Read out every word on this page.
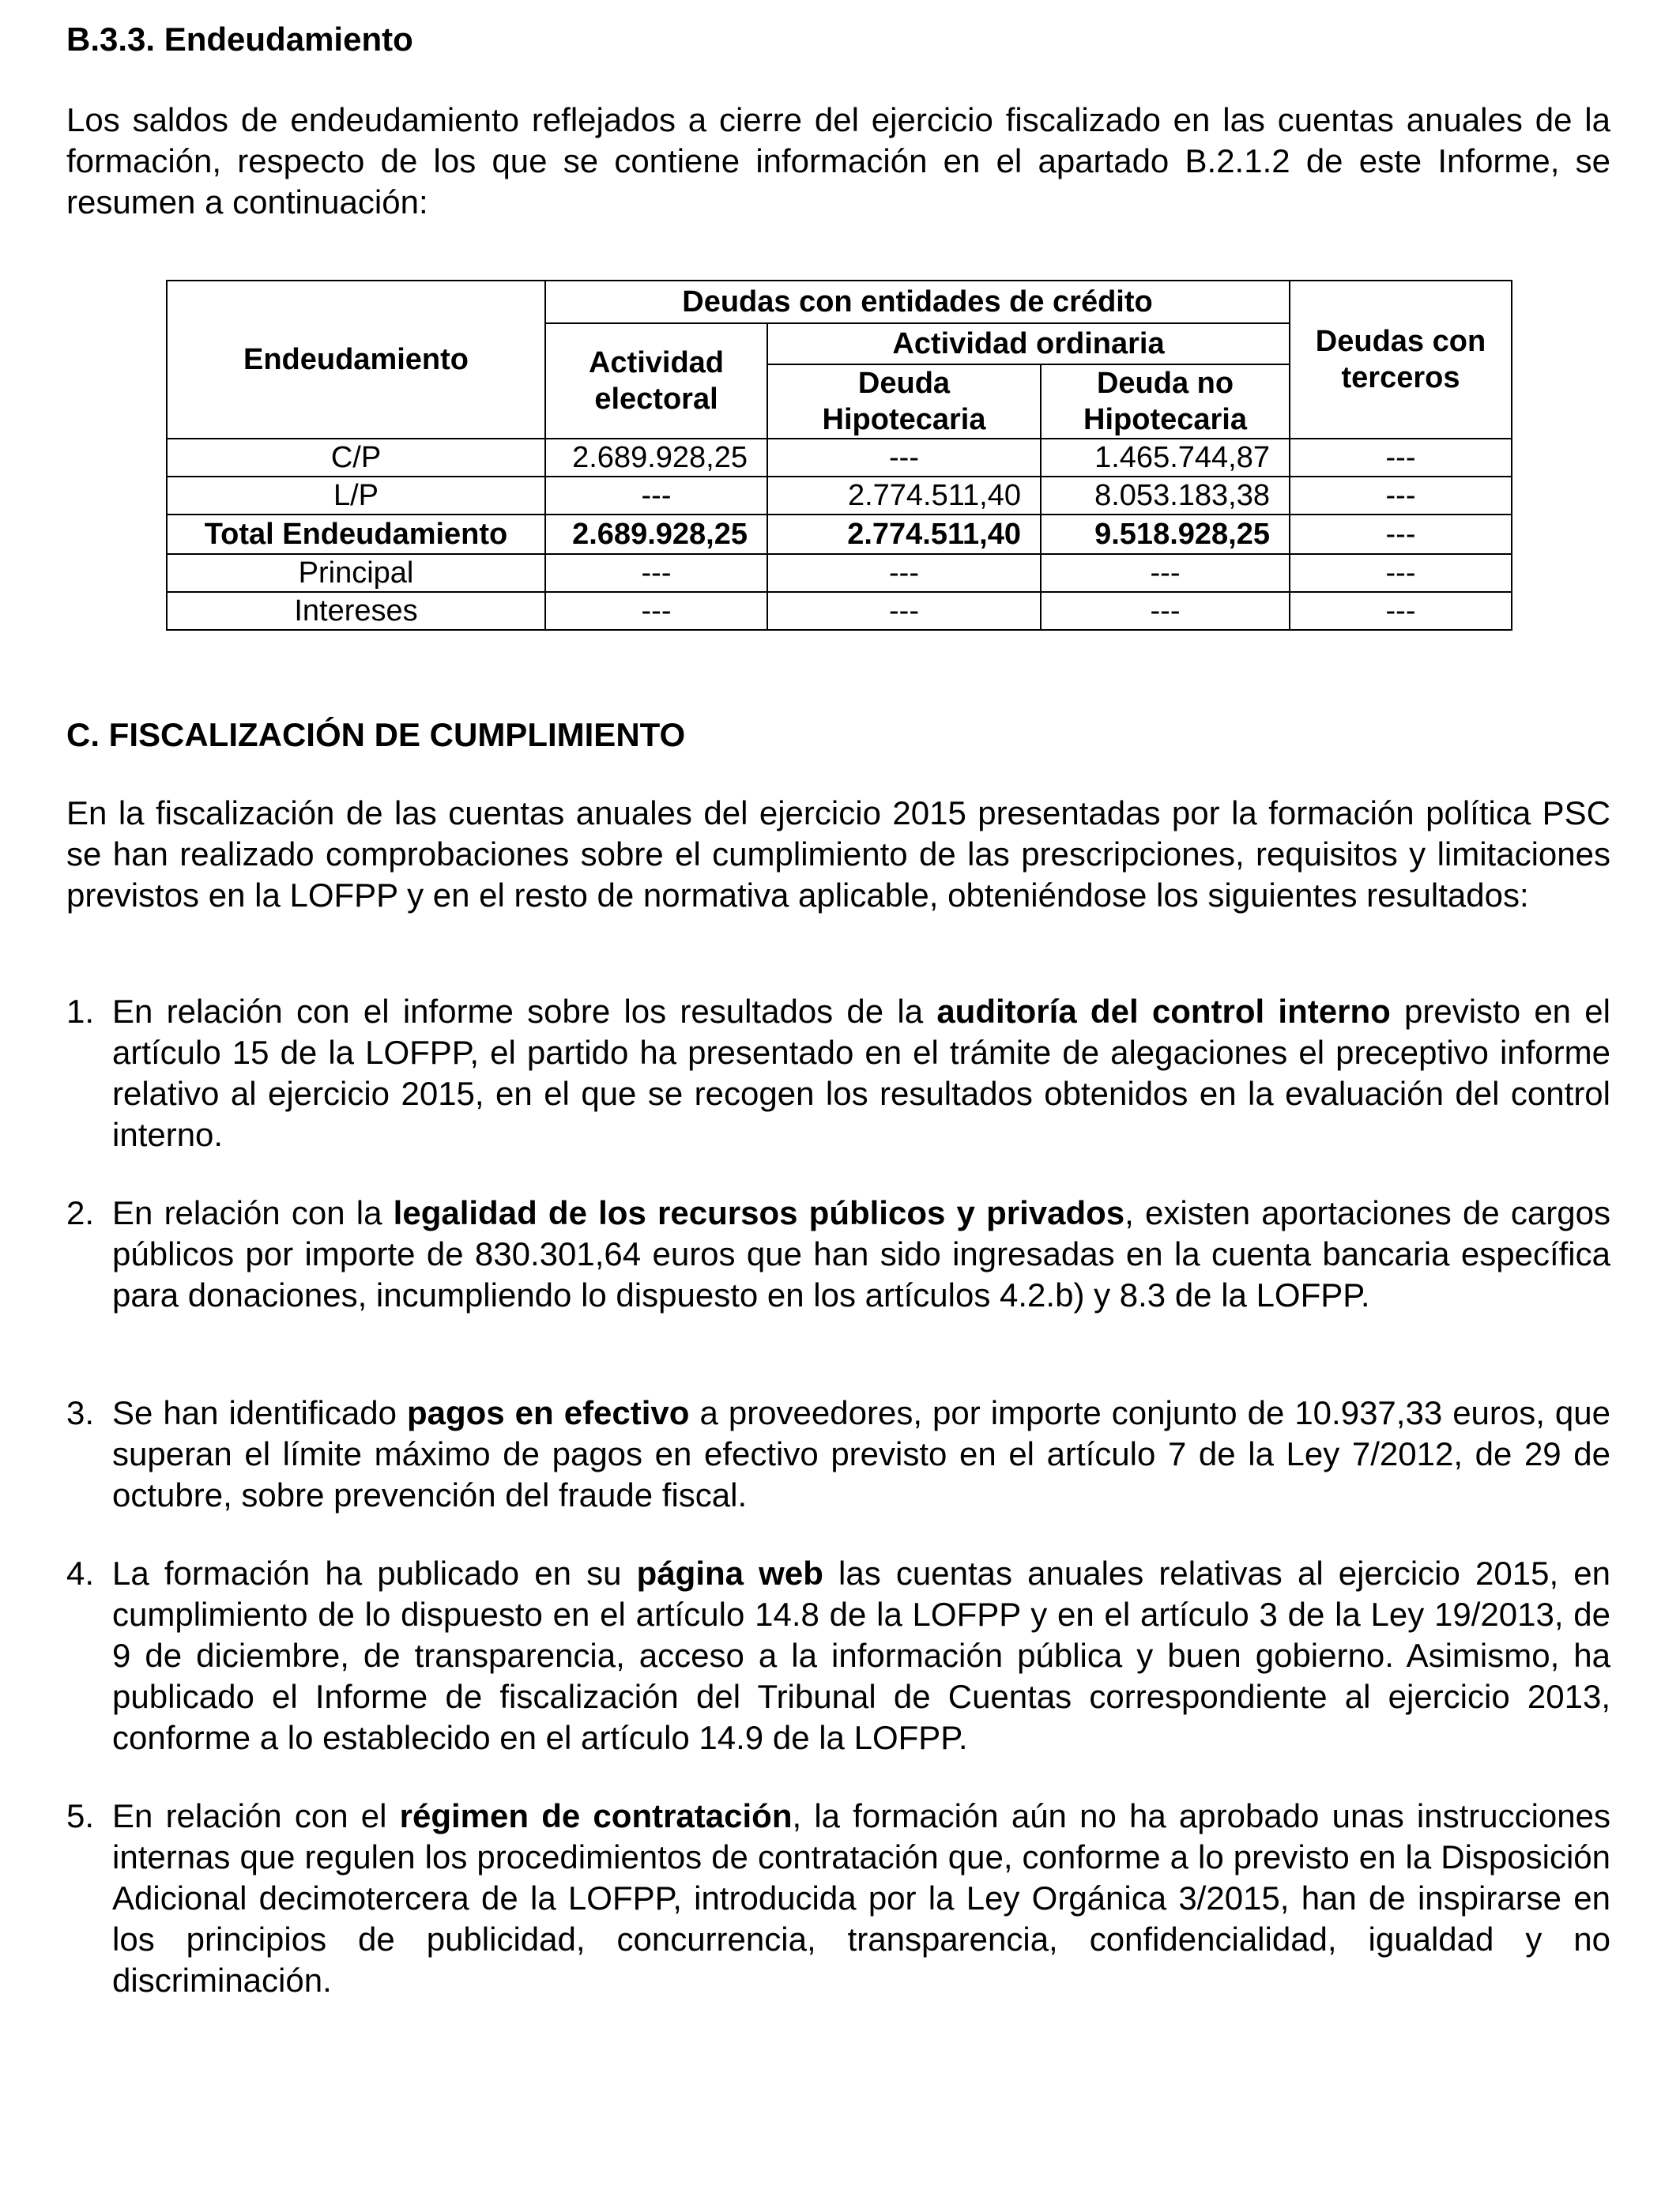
B.3.3. Endeudamiento
Los saldos de endeudamiento reflejados a cierre del ejercicio fiscalizado en las cuentas anuales de la formación, respecto de los que se contiene información en el apartado B.2.1.2 de este Informe, se resumen a continuación:
Endeudamiento	Deudas con entidades de crédito			Deudas con terceros
	Actividad electoral	Actividad ordinaria		
		Deuda Hipotecaria	Deuda no Hipotecaria	

C/P	2.689.928,25	---	1.465.744,87	---
L/P	---	2.774.511,40	8.053.183,38	---
Total Endeudamiento	2.689.928,25	2.774.511,40	9.518.928,25	---
Principal	---	---	---	---
Intereses	---	---	---	---
C. FISCALIZACIÓN DE CUMPLIMIENTO
En la fiscalización de las cuentas anuales del ejercicio 2015 presentadas por la formación política PSC se han realizado comprobaciones sobre el cumplimiento de las prescripciones, requisitos y limitaciones previstos en la LOFPP y en el resto de normativa aplicable, obteniéndose los siguientes resultados:
1. En relación con el informe sobre los resultados de la auditoría del control interno previsto en el artículo 15 de la LOFPP, el partido ha presentado en el trámite de alegaciones el preceptivo informe relativo al ejercicio 2015, en el que se recogen los resultados obtenidos en la evaluación del control interno.
2. En relación con la legalidad de los recursos públicos y privados, existen aportaciones de cargos públicos por importe de 830.301,64 euros que han sido ingresadas en la cuenta bancaria específica para donaciones, incumpliendo lo dispuesto en los artículos 4.2.b) y 8.3 de la LOFPP.
3. Se han identificado pagos en efectivo a proveedores, por importe conjunto de 10.937,33 euros, que superan el límite máximo de pagos en efectivo previsto en el artículo 7 de la Ley 7/2012, de 29 de octubre, sobre prevención del fraude fiscal.
4. La formación ha publicado en su página web las cuentas anuales relativas al ejercicio 2015, en cumplimiento de lo dispuesto en el artículo 14.8 de la LOFPP y en el artículo 3 de la Ley 19/2013, de 9 de diciembre, de transparencia, acceso a la información pública y buen gobierno. Asimismo, ha publicado el Informe de fiscalización del Tribunal de Cuentas correspondiente al ejercicio 2013, conforme a lo establecido en el artículo 14.9 de la LOFPP.
5. En relación con el régimen de contratación, la formación aún no ha aprobado unas instrucciones internas que regulen los procedimientos de contratación que, conforme a lo previsto en la Disposición Adicional decimotercera de la LOFPP, introducida por la Ley Orgánica 3/2015, han de inspirarse en los principios de publicidad, concurrencia, transparencia, confidencialidad, igualdad y no discriminación.
